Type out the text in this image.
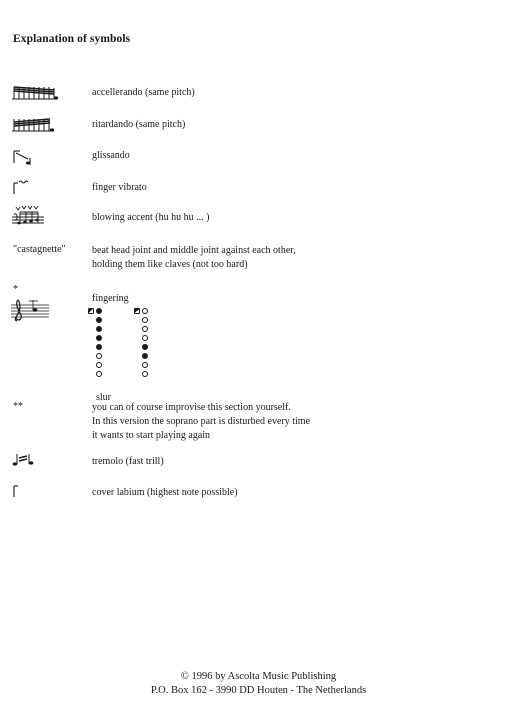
Explanation of symbols
accellerando (same pitch)
ritardando (same pitch)
glissando
finger vibrato
blowing accent (hu hu hu ... )
"castagnette"	beat head joint and middle joint against each other,
holding them like claves (not too hard)
*
fingering
slur
**	you can of course improvise this section yourself.
In this version the soprano part is disturbed every time
it wants to start playing again
tremolo (fast trill)
cover labium (highest note possible)
© 1996 by Ascolta Music Publishing
P.O. Box 162 - 3990 DD Houten - The Netherlands
